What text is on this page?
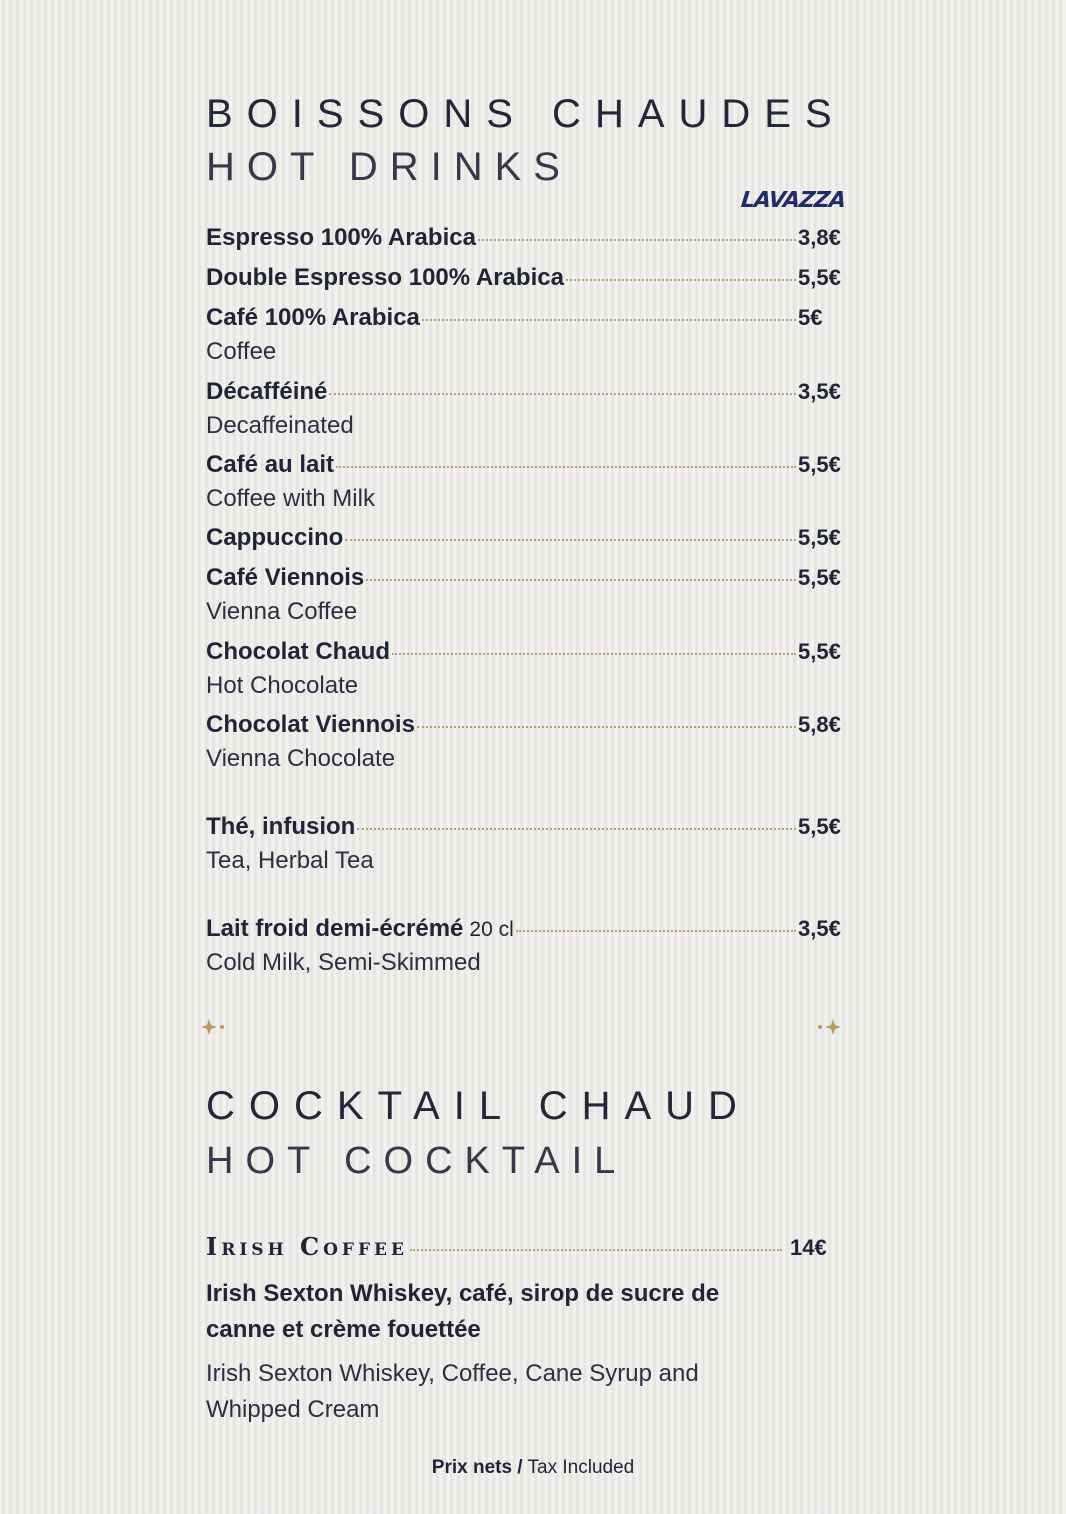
BOISSONS CHAUDES
HOT DRINKS
LAVAZZA
Espresso 100% Arabica	3,8€
Double Espresso 100% Arabica	5,5€
Café 100% Arabica	5€
Coffee
Décafféiné	3,5€
Decaffeinated
Café au lait	5,5€
Coffee with Milk
Cappuccino	5,5€
Café Viennois	5,5€
Vienna Coffee
Chocolat Chaud	5,5€
Hot Chocolate
Chocolat Viennois	5,8€
Vienna Chocolate
Thé, infusion	5,5€
Tea, Herbal Tea
Lait froid demi-écrémé 20 cl	3,5€
Cold Milk, Semi-Skimmed
COCKTAIL CHAUD
HOT COCKTAIL
Irish Coffee	14€
Irish Sexton Whiskey, café, sirop de sucre de canne et crème fouettée
Irish Sexton Whiskey, Coffee, Cane Syrup and Whipped Cream
Prix nets / Tax Included
